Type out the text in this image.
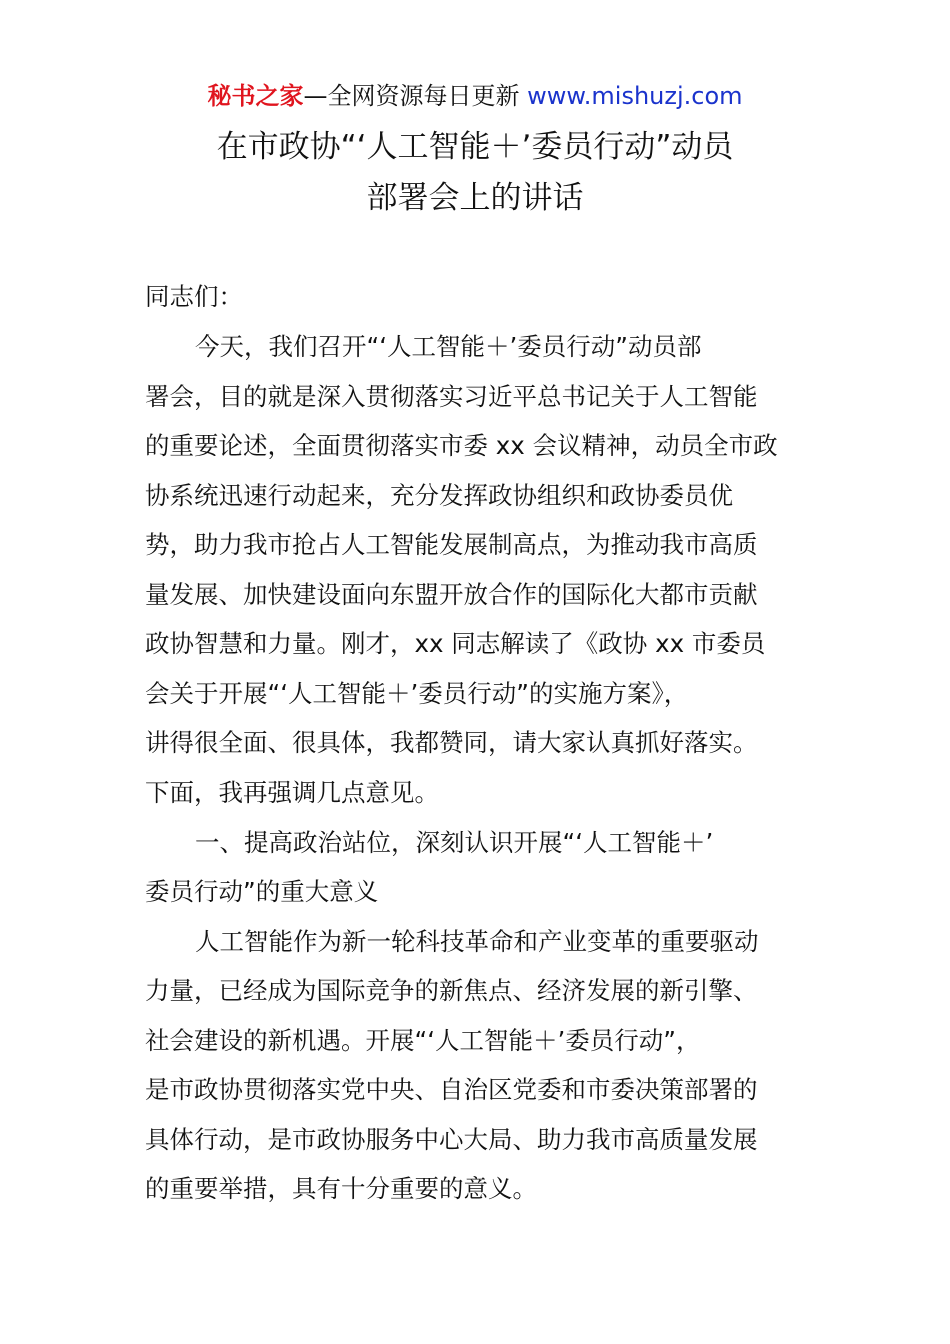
秘书之家—全网资源每日更新 www.mishuzj.com
在市政协“‘人工智能＋’委员行动”动员
部署会上的讲话
同志们：
今天，我们召开“‘人工智能＋’委员行动”动员部
署会，目的就是深入贯彻落实习近平总书记关于人工智能
的重要论述，全面贯彻落实市委 xx 会议精神，动员全市政
协系统迅速行动起来，充分发挥政协组织和政协委员优
势，助力我市抢占人工智能发展制高点，为推动我市高质
量发展、加快建设面向东盟开放合作的国际化大都市贡献
政协智慧和力量。刚才，xx 同志解读了《政协 xx 市委员
会关于开展“‘人工智能＋’委员行动”的实施方案》，
讲得很全面、很具体，我都赞同，请大家认真抓好落实。
下面，我再强调几点意见。
一、提高政治站位，深刻认识开展“‘人工智能＋’
委员行动”的重大意义
人工智能作为新一轮科技革命和产业变革的重要驱动
力量，已经成为国际竞争的新焦点、经济发展的新引擎、
社会建设的新机遇。开展“‘人工智能＋’委员行动”，
是市政协贯彻落实党中央、自治区党委和市委决策部署的
具体行动，是市政协服务中心大局、助力我市高质量发展
的重要举措，具有十分重要的意义。
